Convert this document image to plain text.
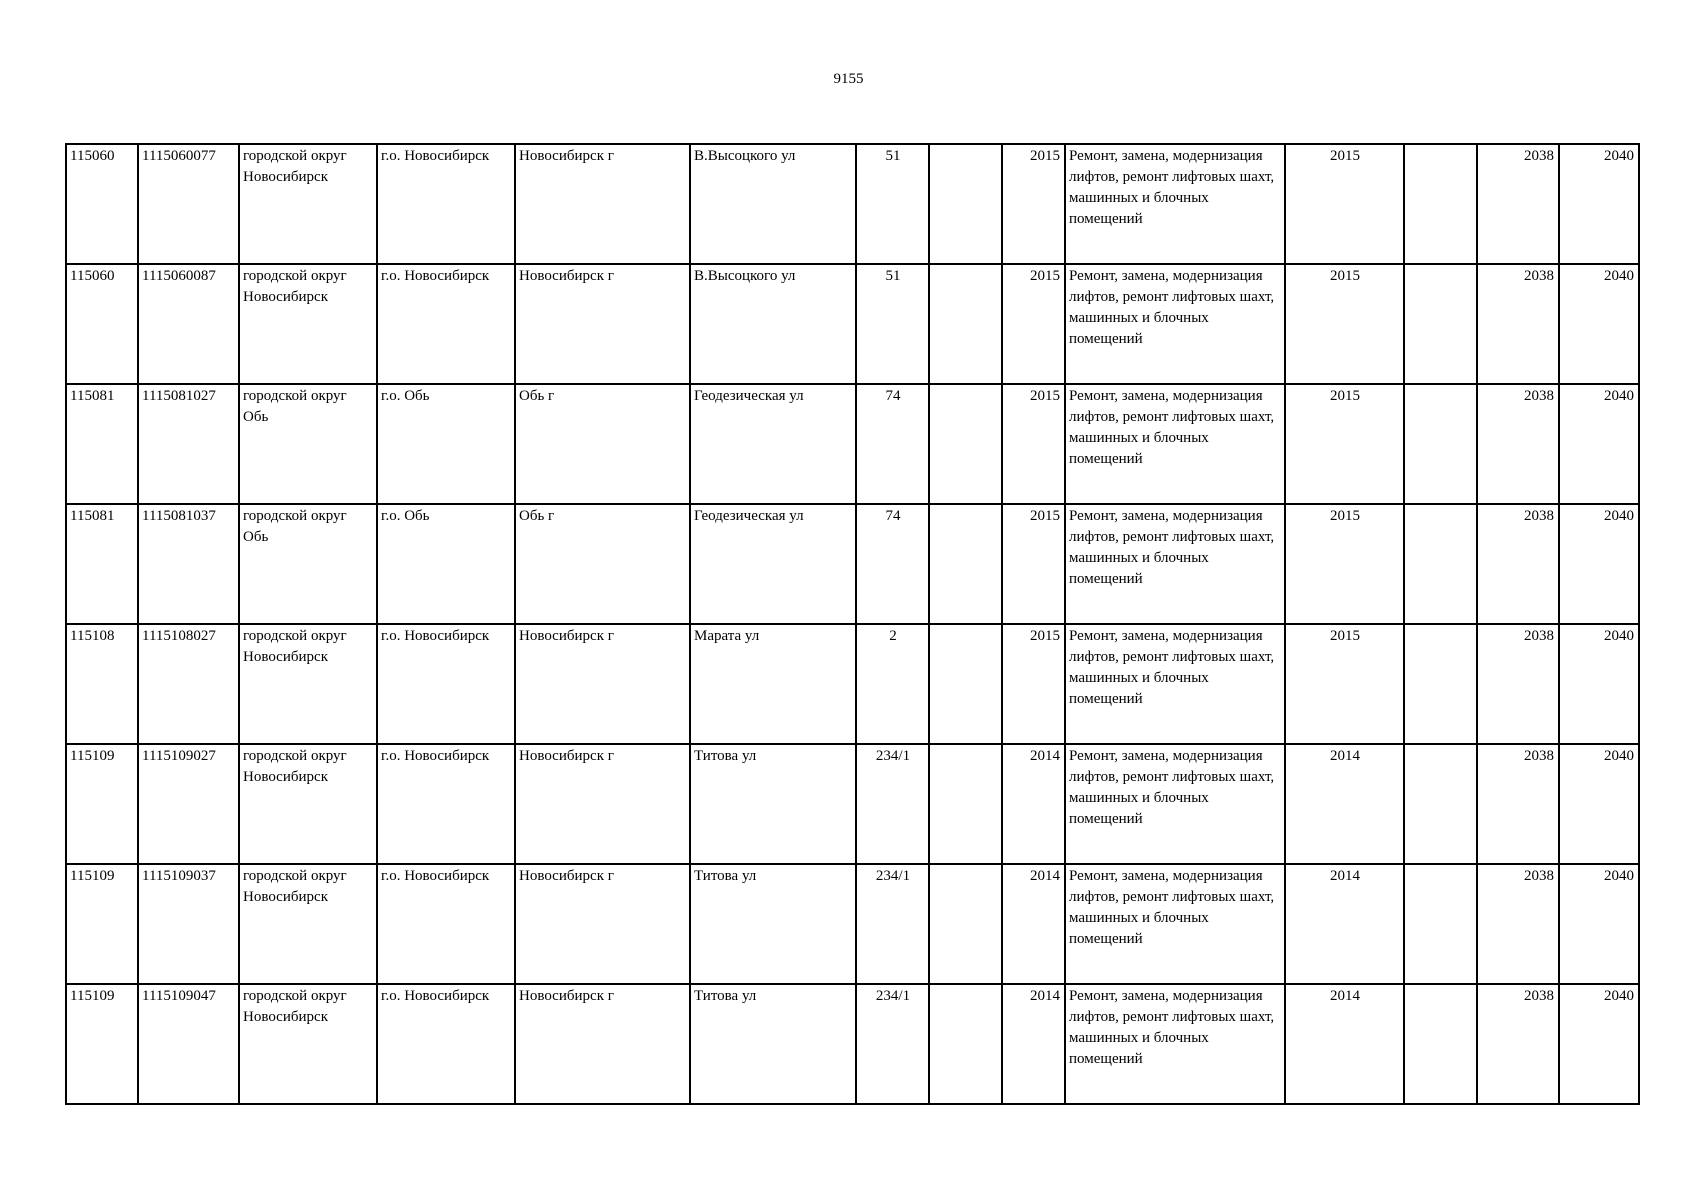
9155
115060	1115060077	городской округ Новосибирск	г.о. Новосибирск	Новосибирск г	В.Высоцкого ул	51		2015	Ремонт, замена, модернизация лифтов, ремонт лифтовых шахт, машинных и блочных помещений	2015		2038	2040
115060	1115060087	городской округ Новосибирск	г.о. Новосибирск	Новосибирск г	В.Высоцкого ул	51		2015	Ремонт, замена, модернизация лифтов, ремонт лифтовых шахт, машинных и блочных помещений	2015		2038	2040
115081	1115081027	городской округ Обь	г.о. Обь	Обь г	Геодезическая ул	74		2015	Ремонт, замена, модернизация лифтов, ремонт лифтовых шахт, машинных и блочных помещений	2015		2038	2040
115081	1115081037	городской округ Обь	г.о. Обь	Обь г	Геодезическая ул	74		2015	Ремонт, замена, модернизация лифтов, ремонт лифтовых шахт, машинных и блочных помещений	2015		2038	2040
115108	1115108027	городской округ Новосибирск	г.о. Новосибирск	Новосибирск г	Марата ул	2		2015	Ремонт, замена, модернизация лифтов, ремонт лифтовых шахт, машинных и блочных помещений	2015		2038	2040
115109	1115109027	городской округ Новосибирск	г.о. Новосибирск	Новосибирск г	Титова ул	234/1		2014	Ремонт, замена, модернизация лифтов, ремонт лифтовых шахт, машинных и блочных помещений	2014		2038	2040
115109	1115109037	городской округ Новосибирск	г.о. Новосибирск	Новосибирск г	Титова ул	234/1		2014	Ремонт, замена, модернизация лифтов, ремонт лифтовых шахт, машинных и блочных помещений	2014		2038	2040
115109	1115109047	городской округ Новосибирск	г.о. Новосибирск	Новосибирск г	Титова ул	234/1		2014	Ремонт, замена, модернизация лифтов, ремонт лифтовых шахт, машинных и блочных помещений	2014		2038	2040
